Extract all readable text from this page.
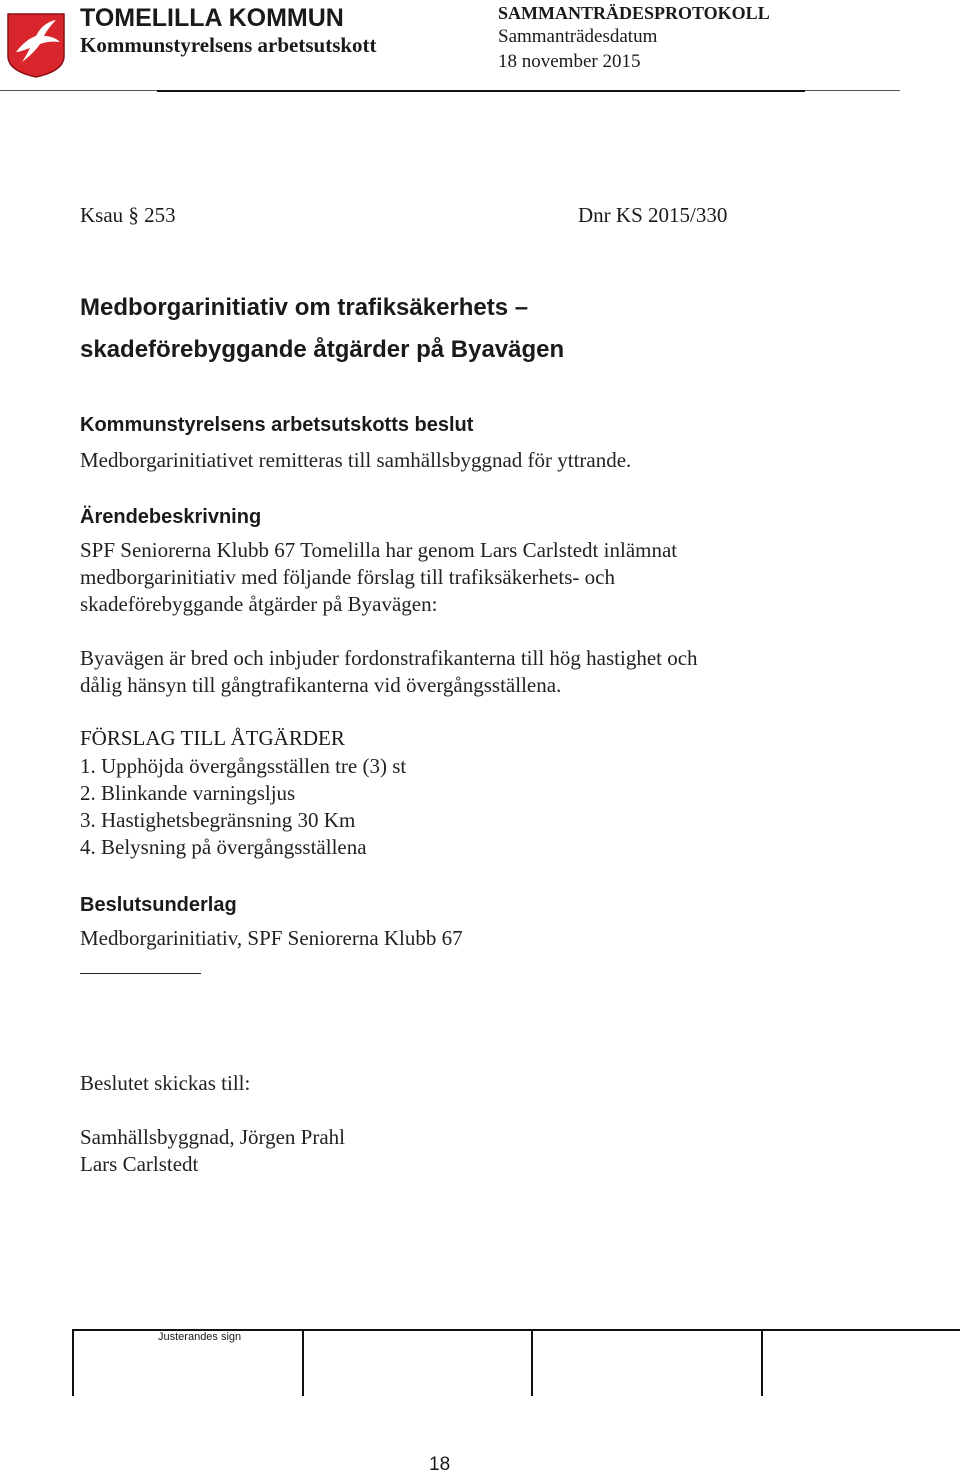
TOMELILLA KOMMUN
Kommunstyrelsens arbetsutskott
SAMMANTRÄDESPROTOKOLL
Sammanträdesdatum
18 november 2015
Ksau § 253	Dnr KS 2015/330
Medborgarinitiativ om trafiksäkerhets –
skadeförebyggande åtgärder på Byavägen
Kommunstyrelsens arbetsutskotts beslut
Medborgarinitiativet remitteras till samhällsbyggnad för yttrande.
Ärendebeskrivning
SPF Seniorerna Klubb 67 Tomelilla har genom Lars Carlstedt inlämnat
medborgarinitiativ med följande förslag till trafiksäkerhets- och
skadeförebyggande åtgärder på Byavägen:
Byavägen är bred och inbjuder fordonstrafikanterna till hög hastighet och
dålig hänsyn till gångtrafikanterna vid övergångsställena.
FÖRSLAG TILL ÅTGÄRDER
1. Upphöjda övergångsställen tre (3) st
2. Blinkande varningsljus
3. Hastighetsbegränsning 30 Km
4. Belysning på övergångsställena
Beslutsunderlag
Medborgarinitiativ, SPF Seniorerna Klubb 67
Beslutet skickas till:
Samhällsbyggnad, Jörgen Prahl
Lars Carlstedt
Justerandes sign
18
